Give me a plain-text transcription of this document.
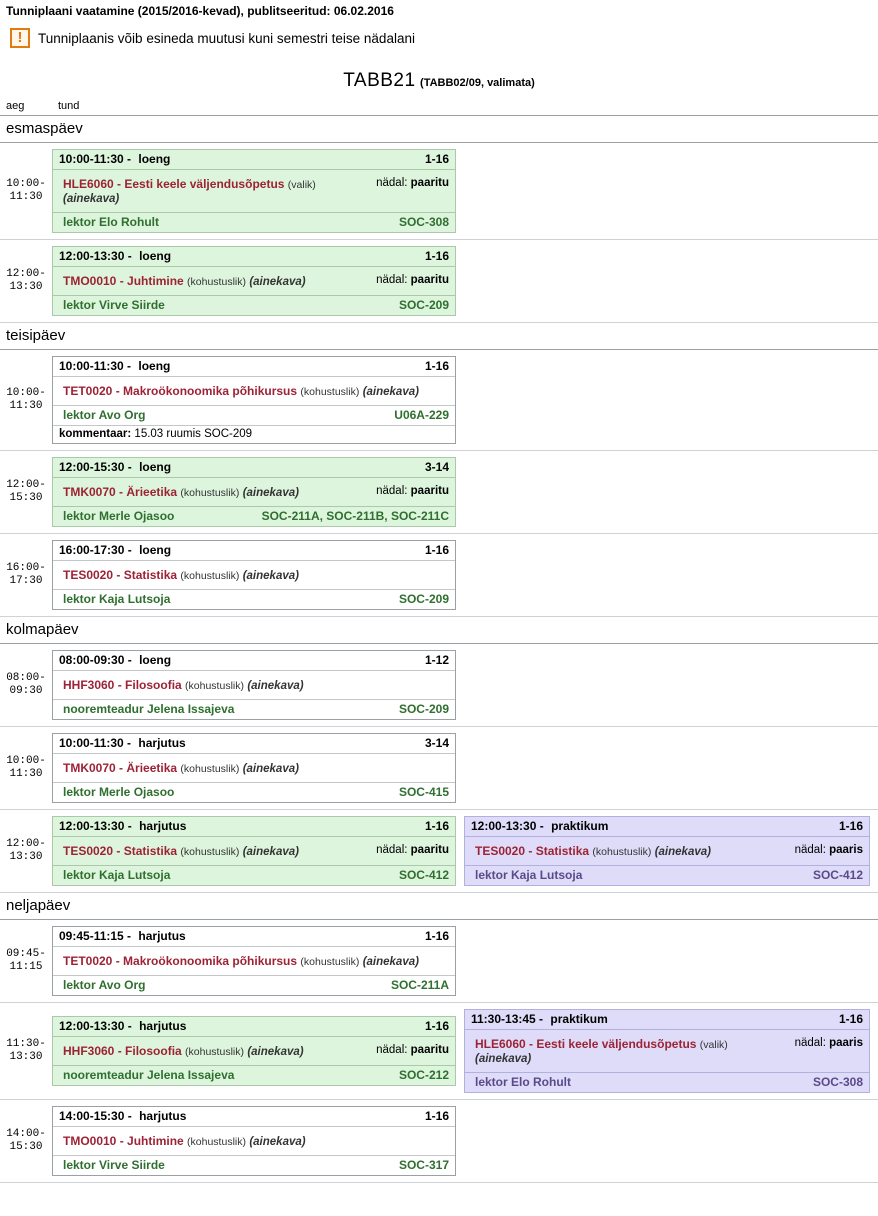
Tunniplaani vaatamine (2015/2016-kevad), publitseeritud: 06.02.2016
!	Tunniplaanis võib esineda muutusi kuni semestri teise nädalani
TABB21 (TABB02/09, valimata)
aeg	tund	
esmaspäev		

10:00-
11:30

10:00-11:30 - loeng	1-16
HLE6060 - Eesti keele väljendusõpetus (valik) (ainekava)
nädal: paaritu
lektor Elo Rohult	SOC-308

12:00-
13:30

12:00-13:30 - loeng	1-16
TMO0010 - Juhtimine (kohustuslik) (ainekava)	nädal: paaritu
lektor Virve Siirde	SOC-209

teisipäev		

10:00-
11:30

10:00-11:30 - loeng	1-16
TET0020 - Makroökonoomika põhikursus (kohustuslik) (ainekava)
lektor Avo Org	U06A-229
kommentaar: 15.03 ruumis SOC-209

12:00-
15:30

12:00-15:30 - loeng	3-14
TMK0070 - Ärieetika (kohustuslik) (ainekava)	nädal: paaritu
lektor Merle Ojasoo	SOC-211A, SOC-211B, SOC-211C

16:00-
17:30

16:00-17:30 - loeng	1-16
TES0020 - Statistika (kohustuslik) (ainekava)
lektor Kaja Lutsoja	SOC-209

kolmapäev		

08:00-
09:30

08:00-09:30 - loeng	1-12
HHF3060 - Filosoofia (kohustuslik) (ainekava)
nooremteadur Jelena Issajeva	SOC-209

10:00-
11:30

10:00-11:30 - harjutus	3-14
TMK0070 - Ärieetika (kohustuslik) (ainekava)
lektor Merle Ojasoo	SOC-415

12:00-
13:30

12:00-13:30 - harjutus	1-16
TES0020 - Statistika (kohustuslik) (ainekava)	nädal: paaritu
lektor Kaja Lutsoja	SOC-412

12:00-13:30 - praktikum	1-16
TES0020 - Statistika (kohustuslik) (ainekava)	nädal: paaris
lektor Kaja Lutsoja	SOC-412

neljapäev		

09:45-
11:15

09:45-11:15 - harjutus	1-16
TET0020 - Makroökonoomika põhikursus (kohustuslik) (ainekava)
lektor Avo Org	SOC-211A

11:30-
13:30

12:00-13:30 - harjutus	1-16
HHF3060 - Filosoofia (kohustuslik) (ainekava)	nädal: paaritu
nooremteadur Jelena Issajeva	SOC-212

11:30-13:45 - praktikum	1-16
HLE6060 - Eesti keele väljendusõpetus (valik) (ainekava)
nädal: paaris
lektor Elo Rohult	SOC-308

14:00-
15:30

14:00-15:30 - harjutus	1-16
TMO0010 - Juhtimine (kohustuslik) (ainekava)
lektor Virve Siirde	SOC-317
